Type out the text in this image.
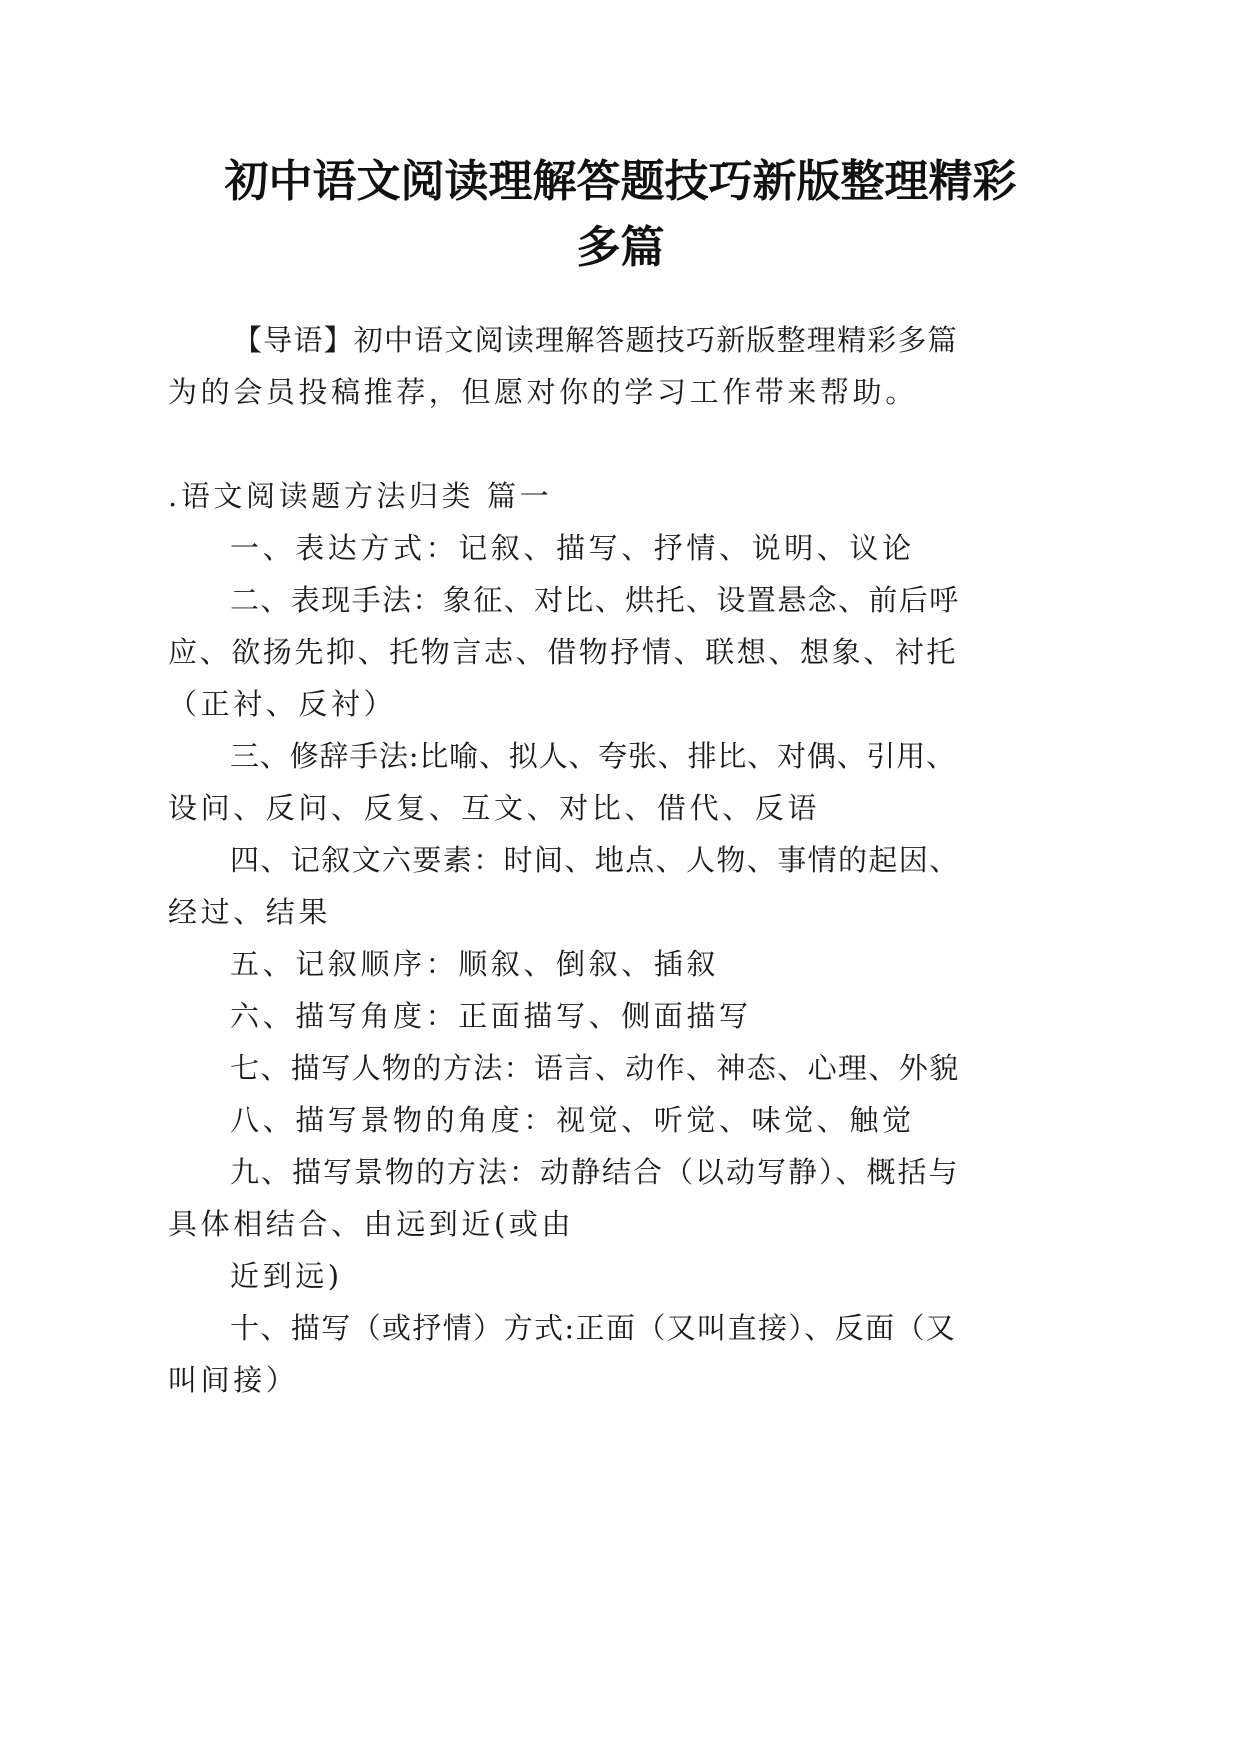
初中语文阅读理解答题技巧新版整理精彩
多篇
【导语】初中语文阅读理解答题技巧新版整理精彩多篇
为的会员投稿推荐，但愿对你的学习工作带来帮助。
.语文阅读题方法归类 篇一
一、表达方式：记叙、描写、抒情、说明、议论
二、表现手法：象征、对比、烘托、设置悬念、前后呼
应、欲扬先抑、托物言志、借物抒情、联想、想象、衬托
（正衬、反衬）
三、修辞手法:比喻、拟人、夸张、排比、对偶、引用、
设问、反问、反复、互文、对比、借代、反语
四、记叙文六要素：时间、地点、人物、事情的起因、
经过、结果
五、记叙顺序：顺叙、倒叙、插叙
六、描写角度：正面描写、侧面描写
七、描写人物的方法：语言、动作、神态、心理、外貌
八、描写景物的角度：视觉、听觉、味觉、触觉
九、描写景物的方法：动静结合（以动写静）、概括与
具体相结合、由远到近(或由
近到远)
十、描写（或抒情）方式:正面（又叫直接）、反面（又
叫间接）
